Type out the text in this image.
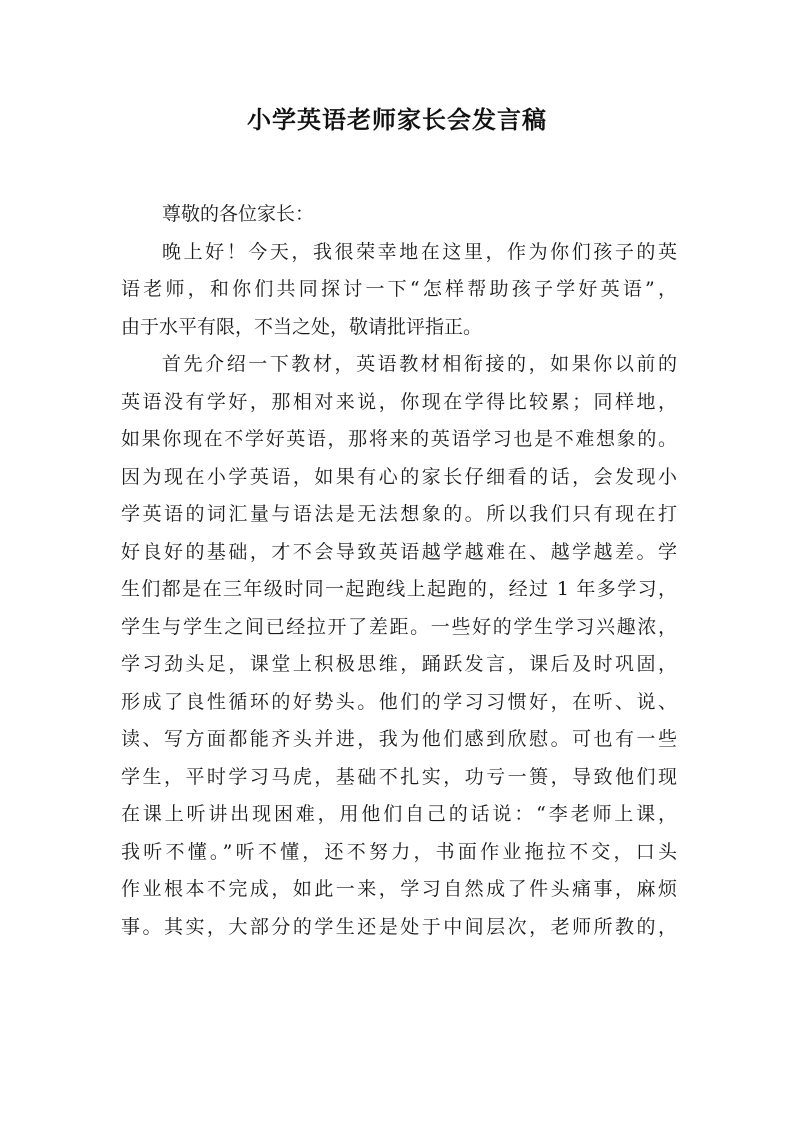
小学英语老师家长会发言稿
尊敬的各位家长：
晚上好！今天，我很荣幸地在这里，作为你们孩子的英
语老师，和你们共同探讨一下“怎样帮助孩子学好英语”，
由于水平有限，不当之处，敬请批评指正。
首先介绍一下教材，英语教材相衔接的，如果你以前的
英语没有学好，那相对来说，你现在学得比较累；同样地，
如果你现在不学好英语，那将来的英语学习也是不难想象的。
因为现在小学英语，如果有心的家长仔细看的话，会发现小
学英语的词汇量与语法是无法想象的。所以我们只有现在打
好良好的基础，才不会导致英语越学越难在、越学越差。学
生们都是在三年级时同一起跑线上起跑的，经过 1 年多学习，
学生与学生之间已经拉开了差距。一些好的学生学习兴趣浓，
学习劲头足，课堂上积极思维，踊跃发言，课后及时巩固，
形成了良性循环的好势头。他们的学习习惯好，在听、说、
读、写方面都能齐头并进，我为他们感到欣慰。可也有一些
学生，平时学习马虎，基础不扎实，功亏一篑，导致他们现
在课上听讲出现困难，用他们自己的话说：“李老师上课，
我听不懂。”听不懂，还不努力，书面作业拖拉不交，口头
作业根本不完成，如此一来，学习自然成了件头痛事，麻烦
事。其实，大部分的学生还是处于中间层次，老师所教的，
